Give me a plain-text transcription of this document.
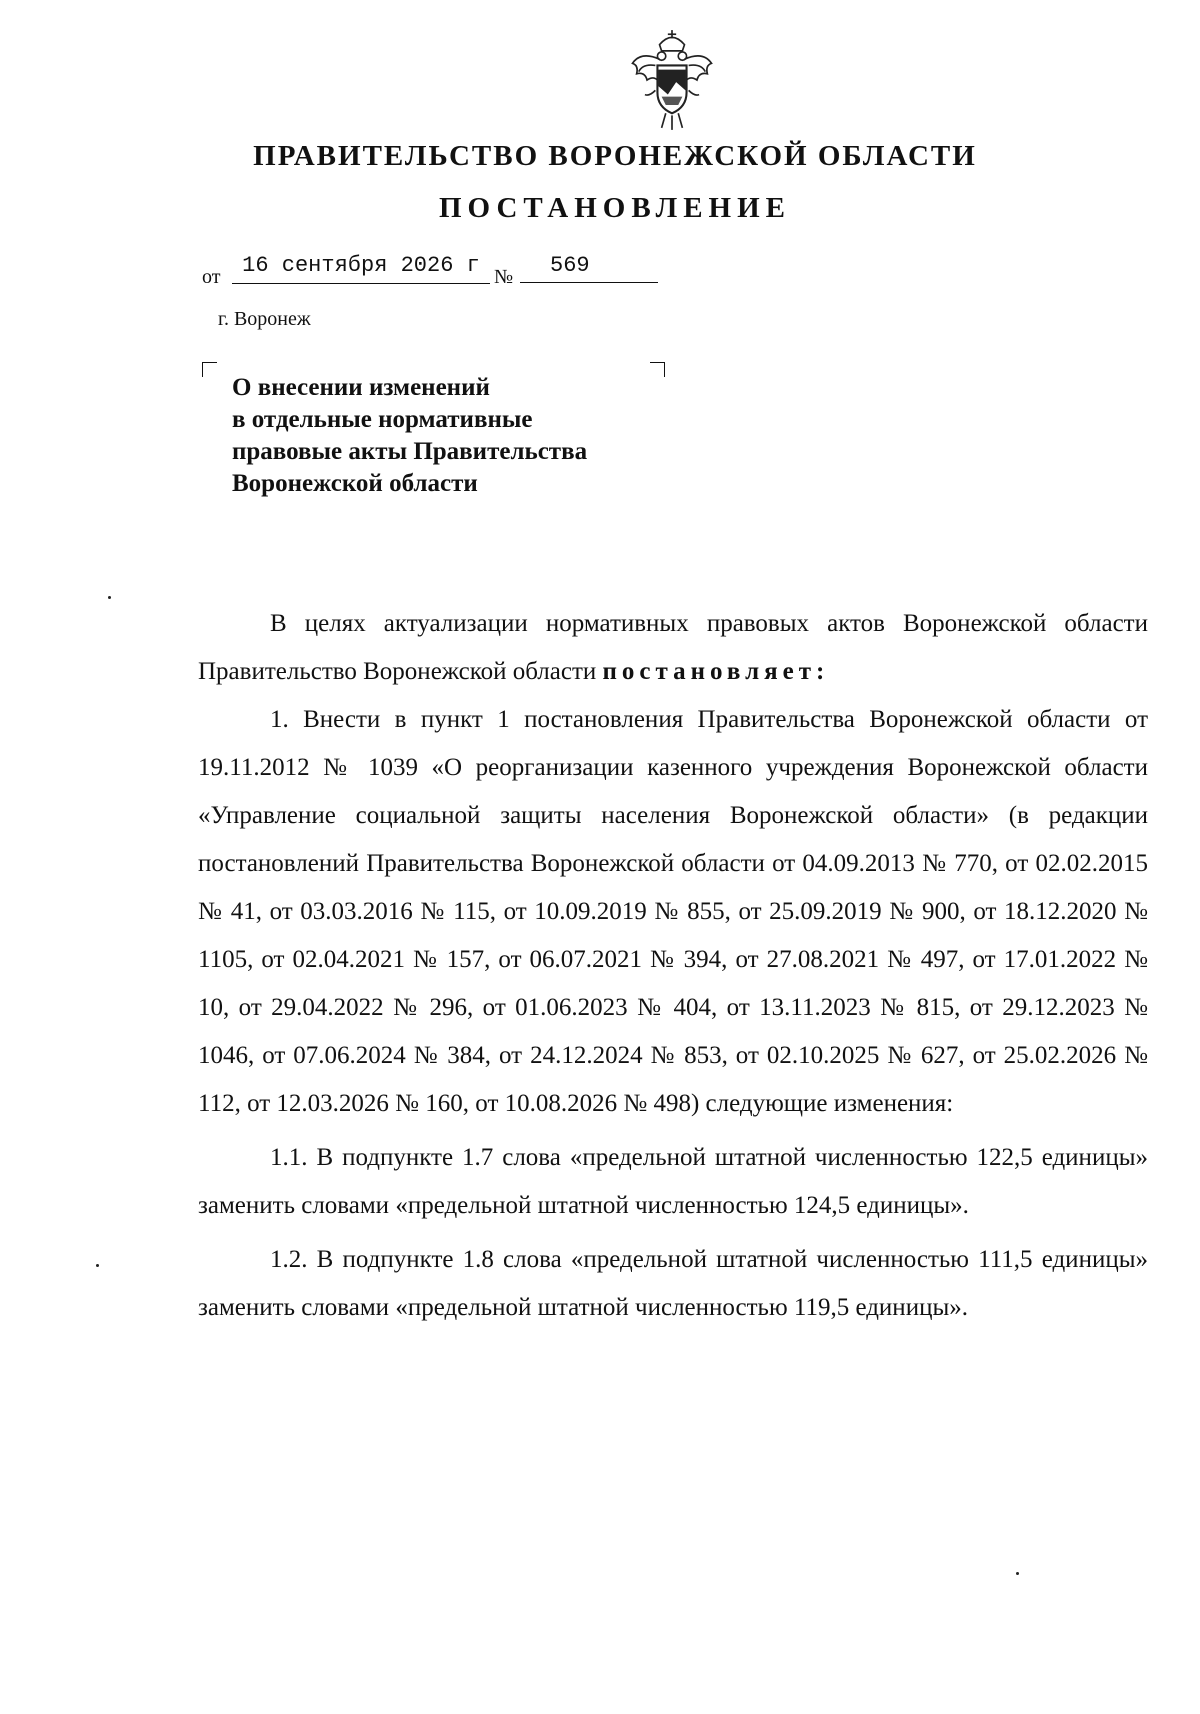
ПРАВИТЕЛЬСТВО ВОРОНЕЖСКОЙ ОБЛАСТИ
ПОСТАНОВЛЕНИЕ
от 16 сентября 2026 г №	569
г. Воронеж
О внесении изменений
в отдельные нормативные
правовые акты Правительства
Воронежской области

В целях актуализации нормативных правовых актов Воронежской области Правительство Воронежской области постановляет:

1. Внести в пункт 1 постановления Правительства Воронежской области от 19.11.2012 № 1039 «О реорганизации казенного учреждения Воронежской области «Управление социальной защиты населения Воронежской области» (в редакции постановлений Правительства Воронежской области от 04.09.2013 № 770, от 02.02.2015 № 41, от 03.03.2016 № 115, от 10.09.2019 № 855, от 25.09.2019 № 900, от 18.12.2020 № 1105, от 02.04.2021 № 157, от 06.07.2021 № 394, от 27.08.2021 № 497, от 17.01.2022 № 10, от 29.04.2022 № 296, от 01.06.2023 № 404, от 13.11.2023 № 815, от 29.12.2023 № 1046, от 07.06.2024 № 384, от 24.12.2024 № 853, от 02.10.2025 № 627, от 25.02.2026 № 112, от 12.03.2026 № 160, от 10.08.2026 № 498) следующие изменения:

1.1. В подпункте 1.7 слова «предельной штатной численностью 122,5 единицы» заменить словами «предельной штатной численностью 124,5 единицы».

1.2. В подпункте 1.8 слова «предельной штатной численностью 111,5 единицы» заменить словами «предельной штатной численностью 119,5 единицы».
